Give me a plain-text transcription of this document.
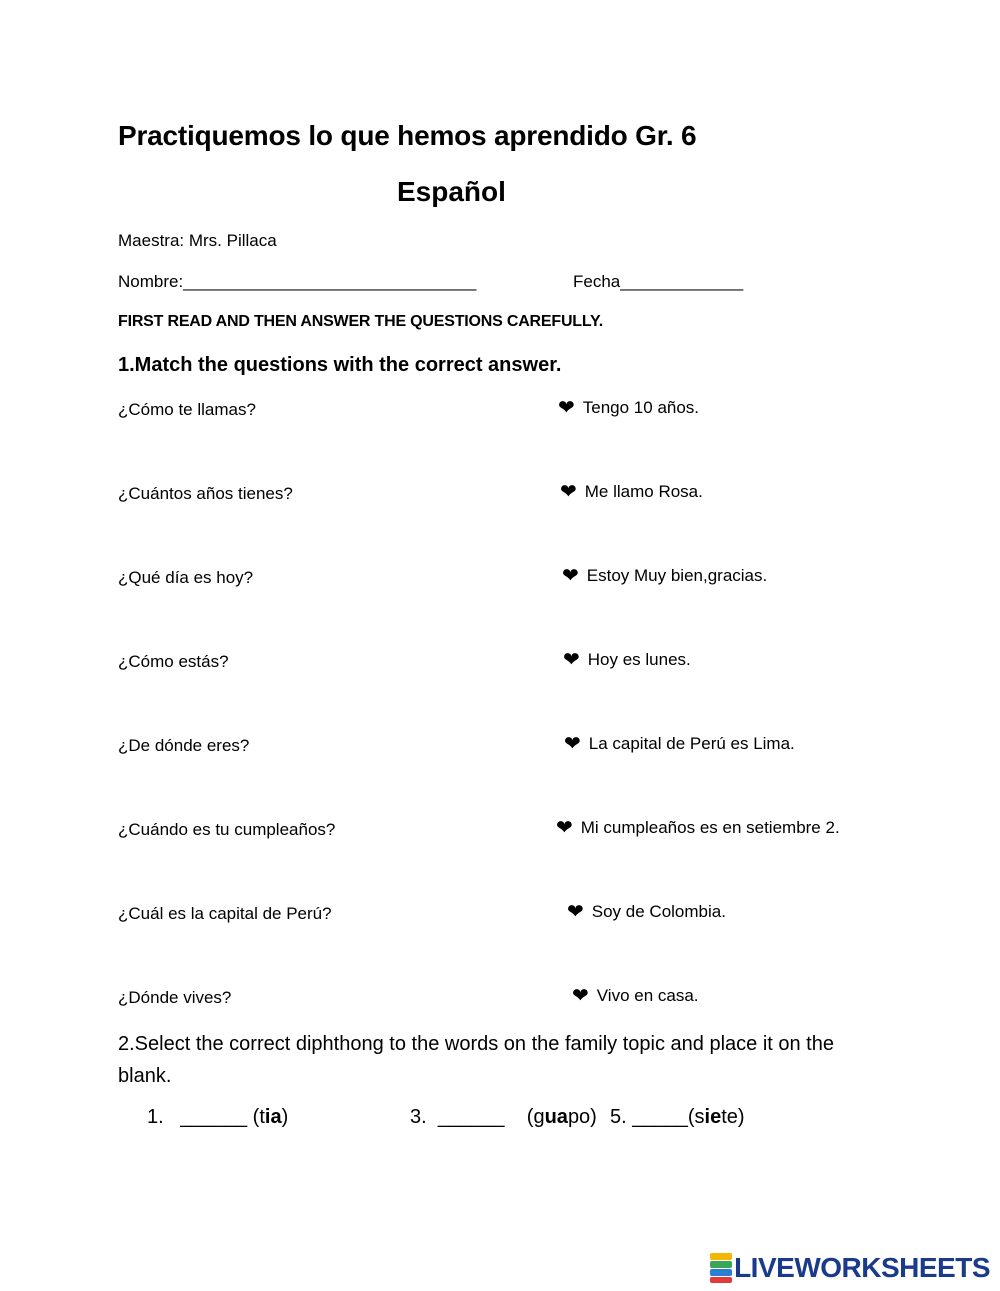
Practiquemos lo que hemos aprendido Gr. 6
Español
Maestra: Mrs. Pillaca
Nombre:_______________________________	Fecha_____________
FIRST READ AND THEN ANSWER THE QUESTIONS CAREFULLY.
1.Match the questions with the correct answer.
¿Cómo te llamas?
¿Cuántos años tienes?
¿Qué día es hoy?
¿Cómo estás?
¿De dónde eres?
¿Cuándo es tu cumpleaños?
¿Cuál es la capital de Perú?
¿Dónde vives?
❤ Tengo 10 años.
❤ Me llamo Rosa.
❤ Estoy Muy bien,gracias.
❤ Hoy es lunes.
❤ La capital de Perú es Lima.
❤ Mi cumpleaños es en setiembre 2.
❤ Soy de Colombia.
❤ Vivo en casa.
2.Select the correct diphthong to the words on the family topic and place it on the blank.
1. ______ (tia)	3. ______ (guapo) 5. _____(siete)
LIVEWORKSHEETS
